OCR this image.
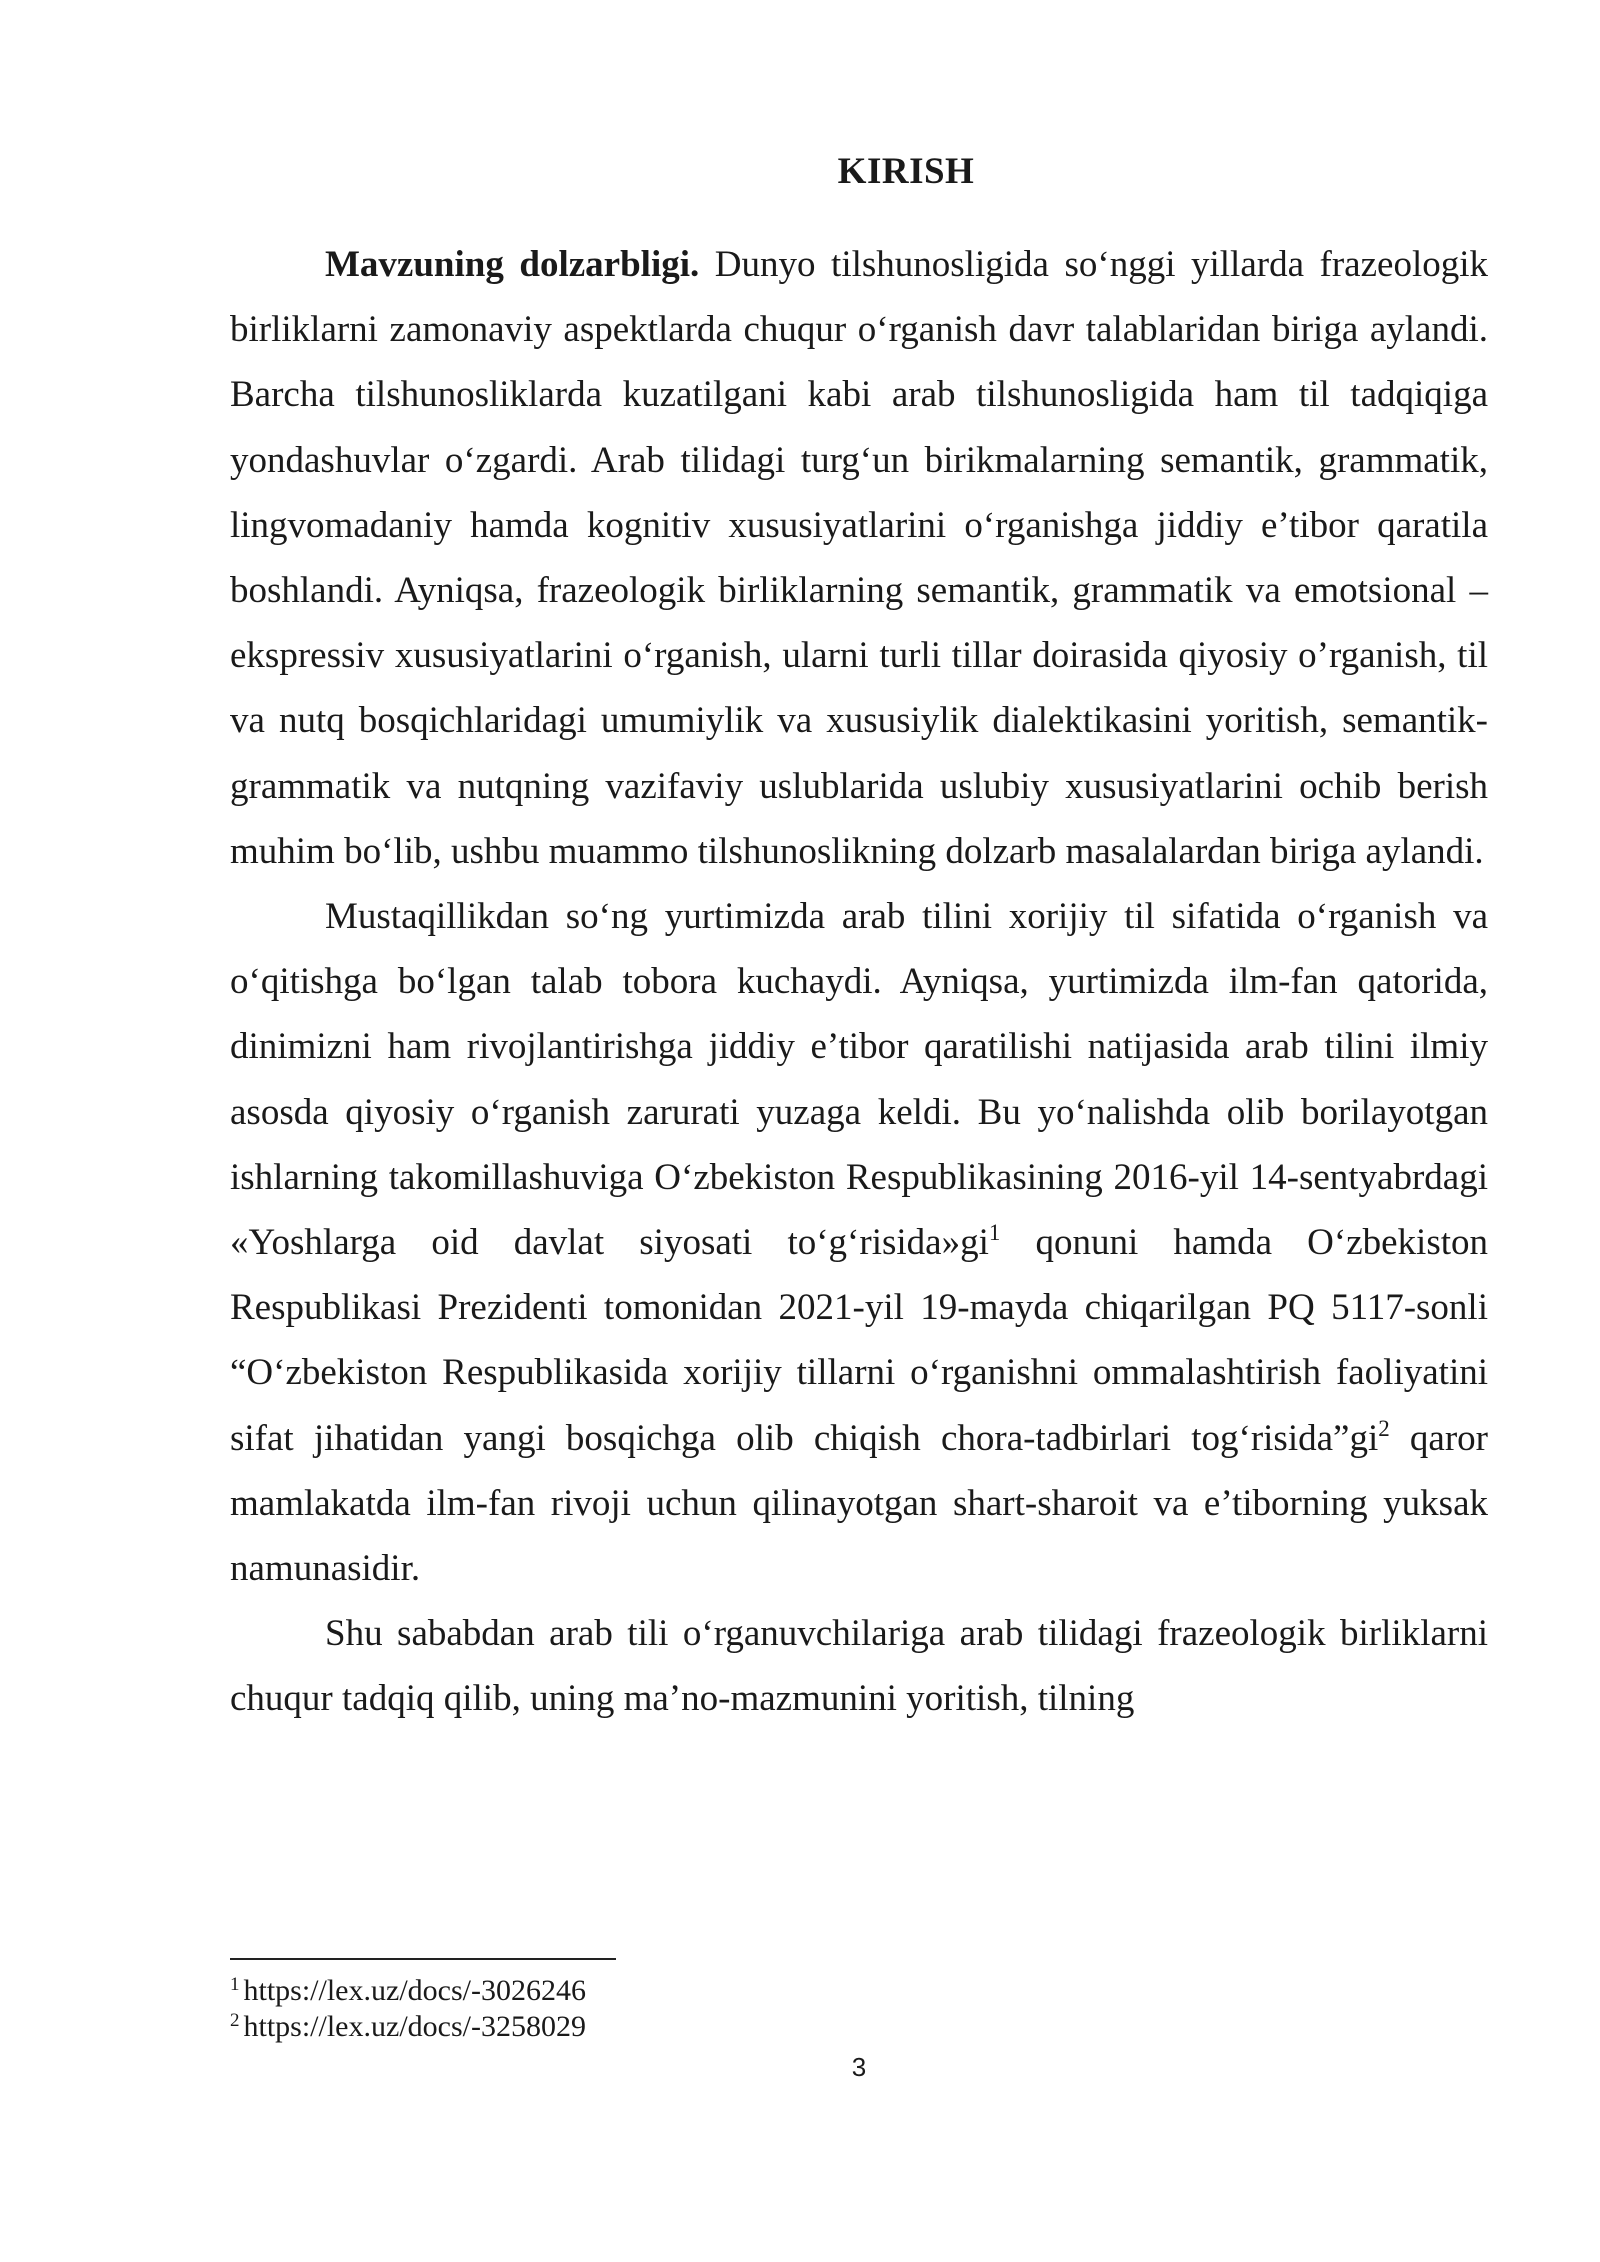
KIRISH

Mavzuning dolzarbligi. Dunyo tilshunosligida so‘nggi yillarda frazeologik birliklarni zamonaviy aspektlarda chuqur o‘rganish davr talablaridan biriga aylandi. Barcha tilshunosliklarda kuzatilgani kabi arab tilshunosligida ham til tadqiqiga yondashuvlar o‘zgardi. Arab tilidagi turg‘un birikmalarning semantik, grammatik, lingvomadaniy hamda kognitiv xususiyatlarini o‘rganishga jiddiy e’tibor qaratila boshlandi. Ayniqsa, frazeologik birliklarning semantik, grammatik va emotsional – ekspressiv xususiyatlarini o‘rganish, ularni turli tillar doirasida qiyosiy o’rganish, til va nutq bosqichlaridagi umumiylik va xususiylik dialektikasini yoritish, semantik-grammatik va nutqning vazifaviy uslublarida uslubiy xususiyatlarini ochib berish muhim bo‘lib, ushbu muammo tilshunoslikning dolzarb masalalardan biriga aylandi.

Mustaqillikdan so‘ng yurtimizda arab tilini xorijiy til sifatida o‘rganish va o‘qitishga bo‘lgan talab tobora kuchaydi. Ayniqsa, yurtimizda ilm-fan qatorida, dinimizni ham rivojlantirishga jiddiy e’tibor qaratilishi natijasida arab tilini ilmiy asosda qiyosiy o‘rganish zarurati yuzaga keldi. Bu yo‘nalishda olib borilayotgan ishlarning takomillashuviga O‘zbekiston Respublikasining 2016-yil 14-sentyabrdagi «Yoshlarga oid davlat siyosati $to‘g‘risida»gi^1$ qonuni hamda O‘zbekiston Respublikasi Prezidenti tomonidan 2021-yil 19-mayda chiqarilgan PQ 5117-sonli “O‘zbekiston Respublikasida xorijiy tillarni o‘rganishni ommalashtirish faoliyatini sifat jihatidan yangi bosqichga olib chiqish chora-tadbirlari $tog‘risida”gi^2$ qaror mamlakatda ilm-fan rivoji uchun qilinayotgan shart-sharoit va e’tiborning yuksak namunasidir.

Shu sababdan arab tili o‘rganuvchilariga arab tilidagi frazeologik birliklarni chuqur tadqiq qilib, uning ma’no-mazmunini yoritish, tilning

$^1$ https://lex.uz/docs/-3026246
$^2$ https://lex.uz/docs/-3258029
3
